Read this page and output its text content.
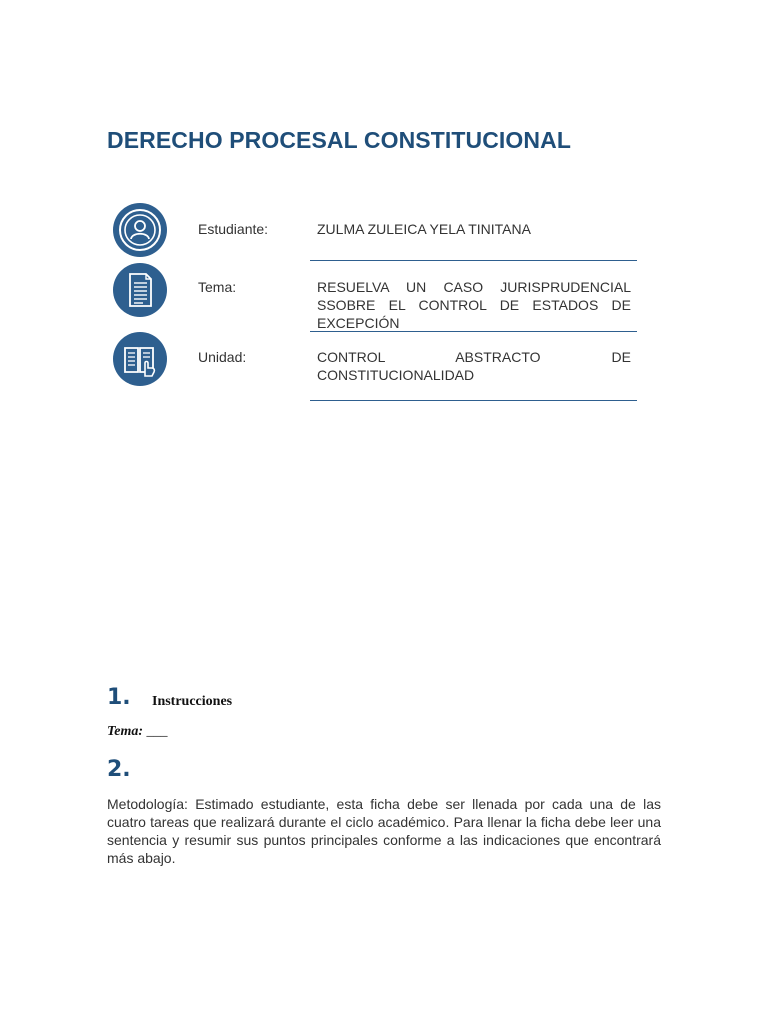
DERECHO PROCESAL CONSTITUCIONAL
Estudiante:	ZULMA ZULEICA YELA TINITANA
Tema:	RESUELVA UN CASO JURISPRUDENCIAL SSOBRE EL CONTROL DE ESTADOS DE EXCEPCIÓN
Unidad:	CONTROL ABSTRACTO DE CONSTITUCIONALIDAD
1. Instrucciones
Tema: ___
2.

Metodología: Estimado estudiante, esta ficha debe ser llenada por cada una de las cuatro tareas que realizará durante el ciclo académico. Para llenar la ficha debe leer una sentencia y resumir sus puntos principales conforme a las indicaciones que encontrará más abajo.
